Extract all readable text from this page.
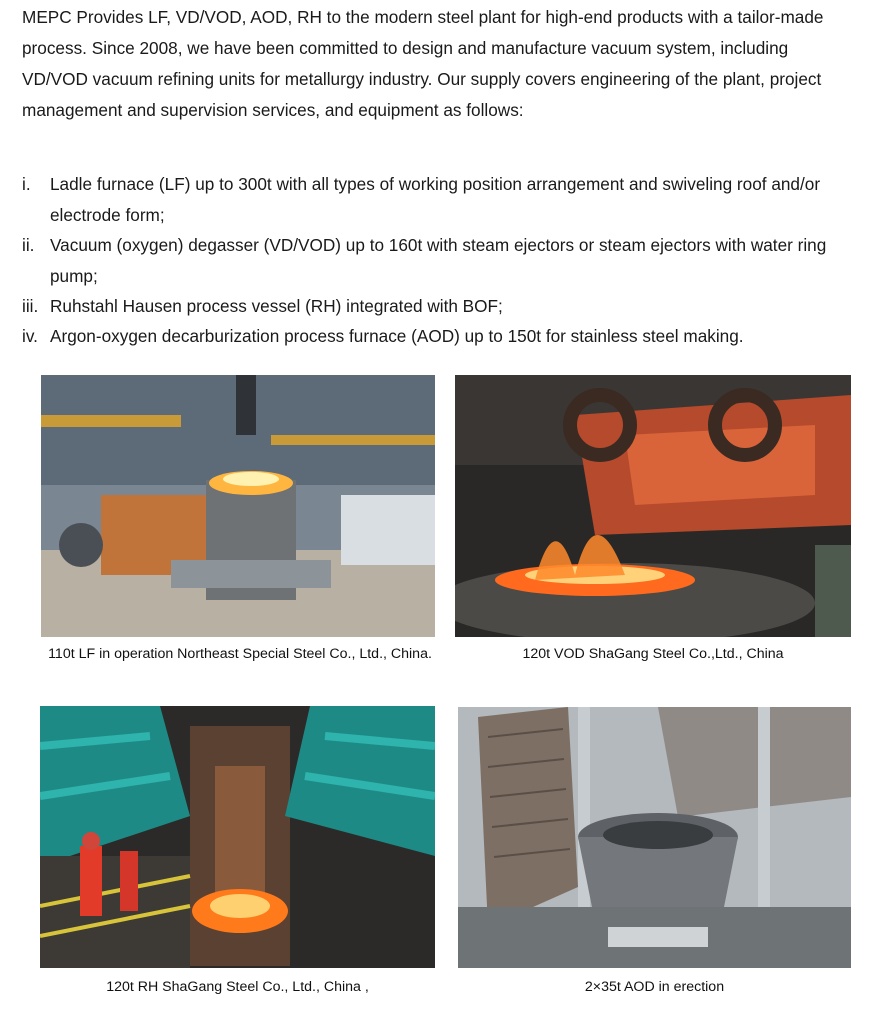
MEPC Provides LF, VD/VOD, AOD, RH to the modern steel plant for high-end products with a tailor-made process. Since 2008, we have been committed to design and manufacture vacuum system, including VD/VOD vacuum refining units for metallurgy industry. Our supply covers engineering of the plant, project management and supervision services, and equipment as follows:

i. Ladle furnace (LF) up to 300t with all types of working position arrangement and swiveling roof and/or electrode form;
ii. Vacuum (oxygen) degasser (VD/VOD) up to 160t with steam ejectors or steam ejectors with water ring pump;
iii. Ruhstahl Hausen process vessel (RH) integrated with BOF;
iv. Argon-oxygen decarburization process furnace (AOD) up to 150t for stainless steel making.
110t LF in operation Northeast Special Steel Co., Ltd., China.	120t VOD ShaGang Steel Co.,Ltd., China
120t RH ShaGang Steel Co., Ltd., China ,	2×35t AOD in erection
